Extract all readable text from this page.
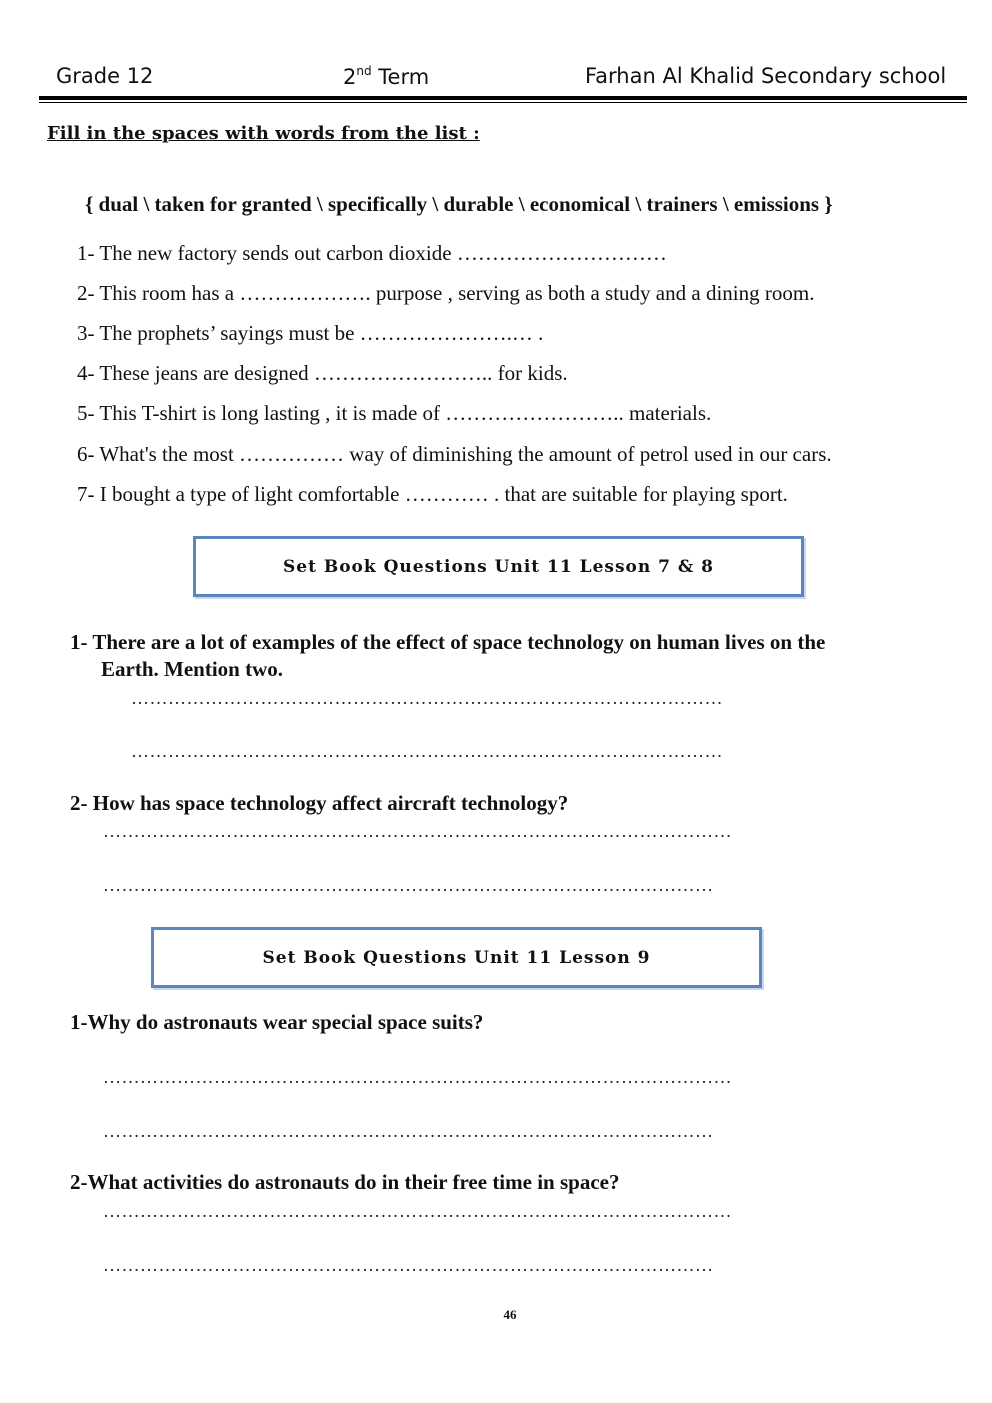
Grade 12	2nd Term	Farhan Al Khalid Secondary school
Fill in the spaces with words from the list :
{ dual \ taken for granted \ specifically \ durable \ economical \ trainers \ emissions }
1- The new factory sends out carbon dioxide …………………………
2- This room has a ………………. purpose , serving as both a study and a dining room.
3- The prophets’ sayings must be ………………….… .
4- These jeans are designed …………………….. for kids.
5- This T-shirt is long lasting , it is made of …………………….. materials.
6- What's the most …………… way of diminishing the amount of petrol used in our cars.
7- I bought a type of light comfortable ………… . that are suitable for playing sport.
Set Book Questions Unit 11 Lesson 7 & 8
1- There are a lot of examples of the effect of space technology on human lives on the
Earth. Mention two.
……………………………………………………………………………………
……………………………………………………………………………………
2- How has space technology affect aircraft technology?
…………………………………………………………………………………………
………………………………………………………………………………………
Set Book Questions Unit 11 Lesson 9
1-Why do astronauts wear special space suits?
…………………………………………………………………………………………
………………………………………………………………………………………
2-What activities do astronauts do in their free time in space?
…………………………………………………………………………………………
………………………………………………………………………………………
46
